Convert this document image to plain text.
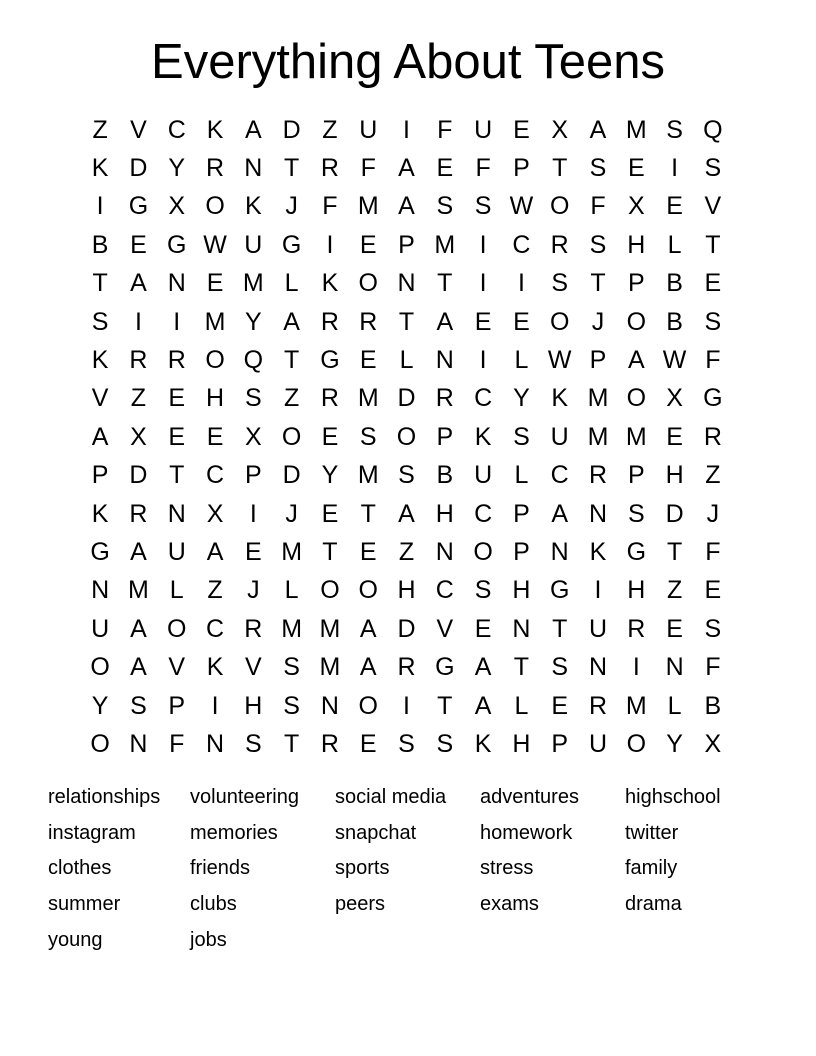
Everything About Teens
Z V C K A D Z U	I	F U E X A M S Q
K D Y R N T R F A E F P T S E	I	S
I	G X O K J F M A S S W O F X E V
B E G W U G	I	E P M I	C R S H L T
T A N E M L K O N T	I	I	S T P B E
S	I	I M Y A R R T A E E O J O B S
K R R O Q T G E L N	I	L W P A W F
V Z E H S Z R M D R C Y K M O X G
A X E E X O E S O P K S U M M E R
P D T C P D Y M S B U L C R P H Z
K R N X	I	J E T A H C P A N S D J
G A U A E M T E Z N O P N K G T F
N M L Z J	L O O H C S H G	I	H Z E
U A O C R M M A D V E N T U R E S
O A V K V S M A R G A T S N	I	N F
Y S P	I	H S N O	I	T A L E R M L B
O N F N S T R E S S K H P U O Y X
relationships
instagram
clothes
summer
young
volunteering
memories
friends
clubs
jobs
social media
snapchat
sports
peers
adventures
homework
stress
exams
highschool
twitter
family
drama
